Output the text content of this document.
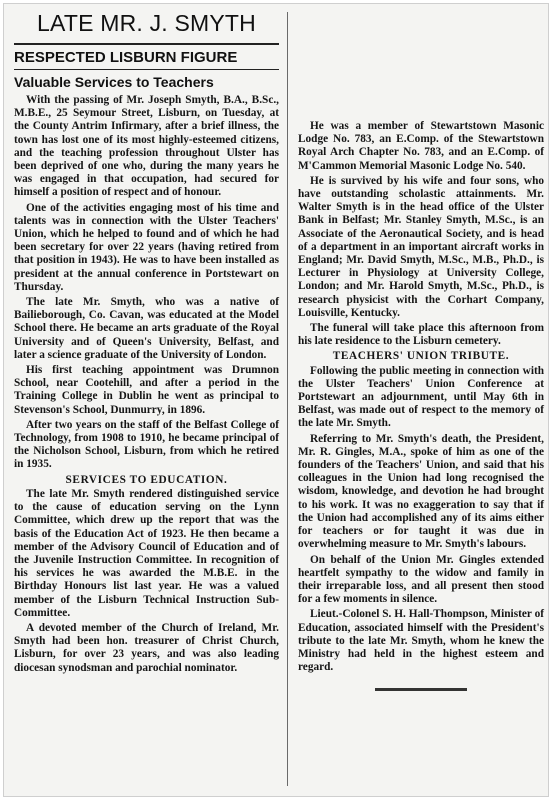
LATE MR. J. SMYTH
RESPECTED LISBURN FIGURE
Valuable Services to Teachers

With the passing of Mr. Joseph Smyth, B.A., B.Sc., M.B.E., 25 Seymour Street, Lisburn, on Tuesday, at the County Antrim Infirmary, after a brief illness, the town has lost one of its most highly-esteemed citizens, and the teaching profession throughout Ulster has been deprived of one who, during the many years he was engaged in that occupation, had secured for himself a position of respect and of honour.

One of the activities engaging most of his time and talents was in connection with the Ulster Teachers' Union, which he helped to found and of which he had been secretary for over 22 years (having retired from that position in 1943). He was to have been installed as president at the annual conference in Portstewart on Thursday.

The late Mr. Smyth, who was a native of Bailieborough, Co. Cavan, was educated at the Model School there. He became an arts graduate of the Royal University and of Queen's University, Belfast, and later a science graduate of the University of London.

His first teaching appointment was Drumnon School, near Cootehill, and after a period in the Training College in Dublin he went as principal to Stevenson's School, Dunmurry, in 1896.

After two years on the staff of the Belfast College of Technology, from 1908 to 1910, he became principal of the Nicholson School, Lisburn, from which he retired in 1935.

SERVICES TO EDUCATION.

The late Mr. Smyth rendered distinguished service to the cause of education serving on the Lynn Committee, which drew up the report that was the basis of the Education Act of 1923. He then became a member of the Advisory Council of Education and of the Juvenile Instruction Committee. In recognition of his services he was awarded the M.B.E. in the Birthday Honours list last year. He was a valued member of the Lisburn Technical Instruction Sub-Committee.

A devoted member of the Church of Ireland, Mr. Smyth had been hon. treasurer of Christ Church, Lisburn, for over 23 years, and was also leading diocesan synodsman and parochial nominator.

He was a member of Stewartstown Masonic Lodge No. 783, an E.Comp. of the Stewartstown Royal Arch Chapter No. 783, and an E.Comp. of M'Cammon Memorial Masonic Lodge No. 540.

He is survived by his wife and four sons, who have outstanding scholastic attainments. Mr. Walter Smyth is in the head office of the Ulster Bank in Belfast; Mr. Stanley Smyth, M.Sc., is an Associate of the Aeronautical Society, and is head of a department in an important aircraft works in England; Mr. David Smyth, M.Sc., M.B., Ph.D., is Lecturer in Physiology at University College, London; and Mr. Harold Smyth, M.Sc., Ph.D., is research physicist with the Corhart Company, Louisville, Kentucky.

The funeral will take place this afternoon from his late residence to the Lisburn cemetery.

TEACHERS' UNION TRIBUTE.

Following the public meeting in connection with the Ulster Teachers' Union Conference at Portstewart an adjournment, until May 6th in Belfast, was made out of respect to the memory of the late Mr. Smyth.

Referring to Mr. Smyth's death, the President, Mr. R. Gingles, M.A., spoke of him as one of the founders of the Teachers' Union, and said that his colleagues in the Union had long recognised the wisdom, knowledge, and devotion he had brought to his work. It was no exaggeration to say that if the Union had accomplished any of its aims either for teachers or for taught it was due in overwhelming measure to Mr. Smyth's labours.

On behalf of the Union Mr. Gingles extended heartfelt sympathy to the widow and family in their irreparable loss, and all present then stood for a few moments in silence.

Lieut.-Colonel S. H. Hall-Thompson, Minister of Education, associated himself with the President's tribute to the late Mr. Smyth, whom he knew the Ministry had held in the highest esteem and regard.
